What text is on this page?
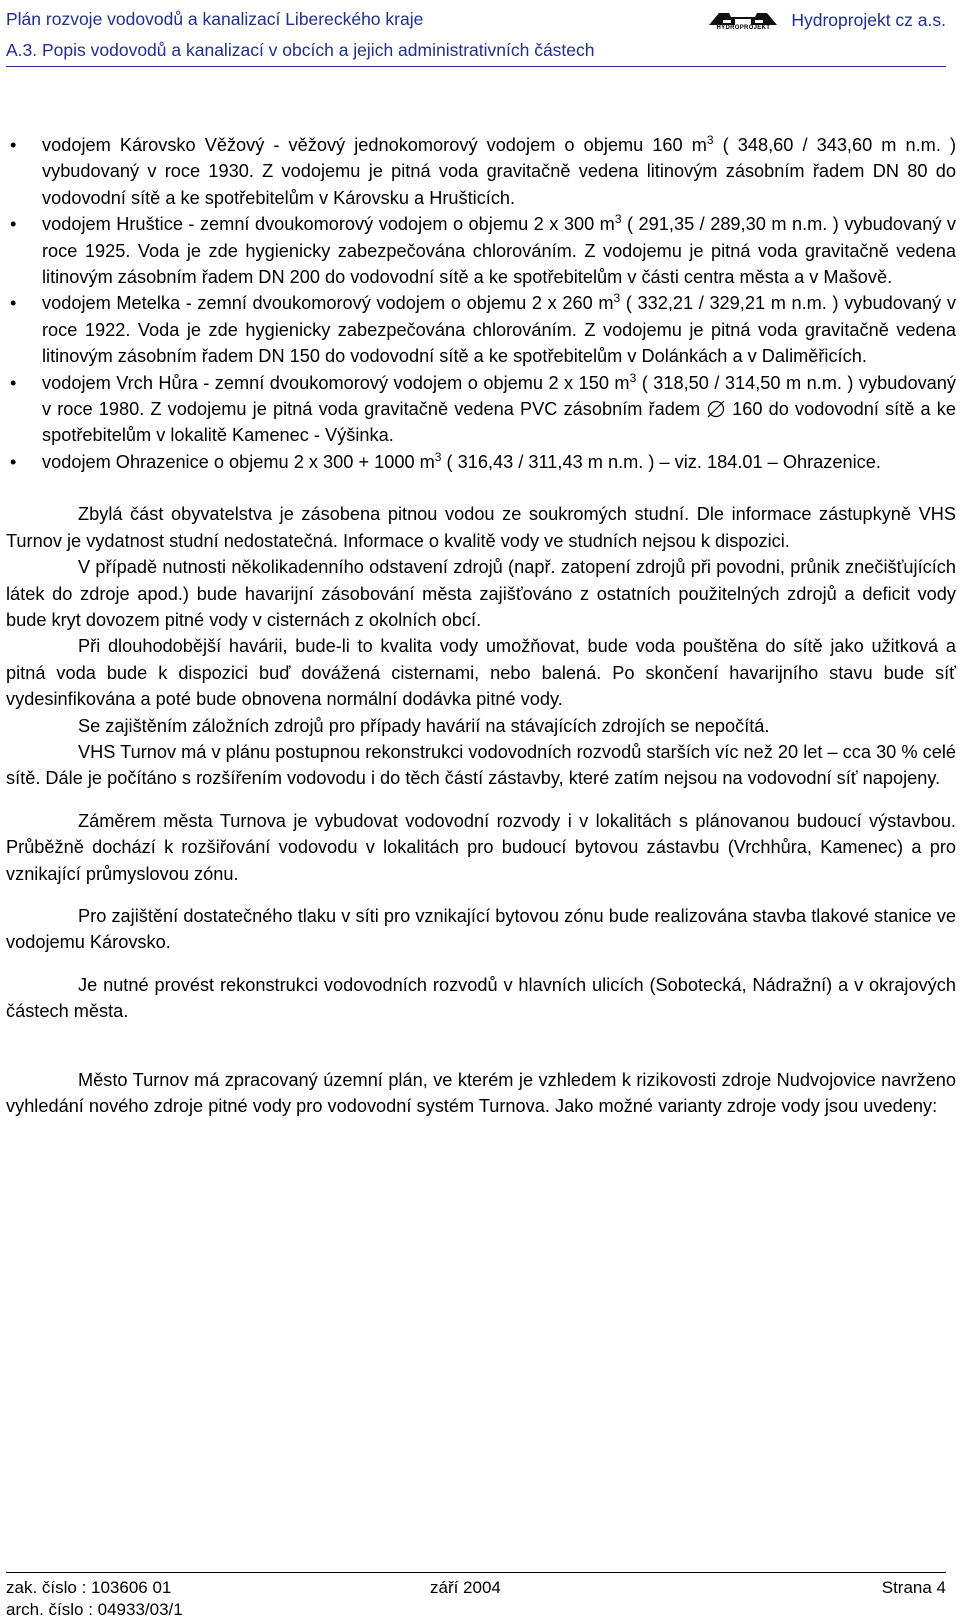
Plán rozvoje vodovodů a kanalizací Libereckého kraje	HYDROPROJEKT	Hydroprojekt cz a.s.
A.3. Popis vodovodů a kanalizací v obcích a jejich administrativních částech
• vodojem Károvsko Věžový - věžový jednokomorový vodojem o objemu 160 $m^3$ ( 348,60 / 343,60 m n.m. ) vybudovaný v roce 1930. Z vodojemu je pitná voda gravitačně vedena litinovým zásobním řadem DN 80 do vodovodní sítě a ke spotřebitelům v Károvsku a Hrušticích.
• vodojem Hruštice - zemní dvoukomorový vodojem o objemu 2 x 300 $m^3$ ( 291,35 / 289,30 m n.m. ) vybudovaný v roce 1925. Voda je zde hygienicky zabezpečována chlorováním. Z vodojemu je pitná voda gravitačně vedena litinovým zásobním řadem DN 200 do vodovodní sítě a ke spotřebitelům v části centra města a v Mašově.
• vodojem Metelka - zemní dvoukomorový vodojem o objemu 2 x 260 $m^3$ ( 332,21 / 329,21 m n.m. ) vybudovaný v roce 1922. Voda je zde hygienicky zabezpečována chlorováním. Z vodojemu je pitná voda gravitačně vedena litinovým zásobním řadem DN 150 do vodovodní sítě a ke spotřebitelům v Dolánkách a v Daliměřicích.
• vodojem Vrch Hůra - zemní dvoukomorový vodojem o objemu 2 x 150 $m^3$ ( 318,50 / 314,50 m n.m. ) vybudovaný v roce 1980. Z vodojemu je pitná voda gravitačně vedena PVC zásobním řadem 160 do vodovodní sítě a ke spotřebitelům v lokalitě Kamenec - Výšinka.
• vodojem Ohrazenice o objemu 2 x 300 + 1000 $m^3$ ( 316,43 / 311,43 m n.m. ) – viz. 184.01 – Ohrazenice.

Zbylá část obyvatelstva je zásobena pitnou vodou ze soukromých studní. Dle informace zástupkyně VHS Turnov je vydatnost studní nedostatečná. Informace o kvalitě vody ve studních nejsou k dispozici.

V případě nutnosti několikadenního odstavení zdrojů (např. zatopení zdrojů při povodni, průnik znečišťujících látek do zdroje apod.) bude havarijní zásobování města zajišťováno z ostatních použitelných zdrojů a deficit vody bude kryt dovozem pitné vody v cisternách z okolních obcí.

Při dlouhodobější havárii, bude-li to kvalita vody umožňovat, bude voda pouštěna do sítě jako užitková a pitná voda bude k dispozici buď dovážená cisternami, nebo balená. Po skončení havarijního stavu bude síť vydesinfikována a poté bude obnovena normální dodávka pitné vody.

Se zajištěním záložních zdrojů pro případy havárií na stávajících zdrojích se nepočítá.

VHS Turnov má v plánu postupnou rekonstrukci vodovodních rozvodů starších víc než 20 let – cca 30 % celé sítě. Dále je počítáno s rozšířením vodovodu i do těch částí zástavby, které zatím nejsou na vodovodní síť napojeny.

Záměrem města Turnova je vybudovat vodovodní rozvody i v lokalitách s plánovanou budoucí výstavbou. Průběžně dochází k rozšiřování vodovodu v lokalitách pro budoucí bytovou zástavbu (Vrchhůra, Kamenec) a pro vznikající průmyslovou zónu.

Pro zajištění dostatečného tlaku v síti pro vznikající bytovou zónu bude realizována stavba tlakové stanice ve vodojemu Károvsko.

Je nutné provést rekonstrukci vodovodních rozvodů v hlavních ulicích (Sobotecká, Nádražní) a v okrajových částech města.

Město Turnov má zpracovaný územní plán, ve kterém je vzhledem k rizikovosti zdroje Nudvojovice navrženo vyhledání nového zdroje pitné vody pro vodovodní systém Turnova. Jako možné varianty zdroje vody jsou uvedeny:

zak. číslo : 103606 01	září 2004	Strana 4
arch. číslo : 04933/03/1
